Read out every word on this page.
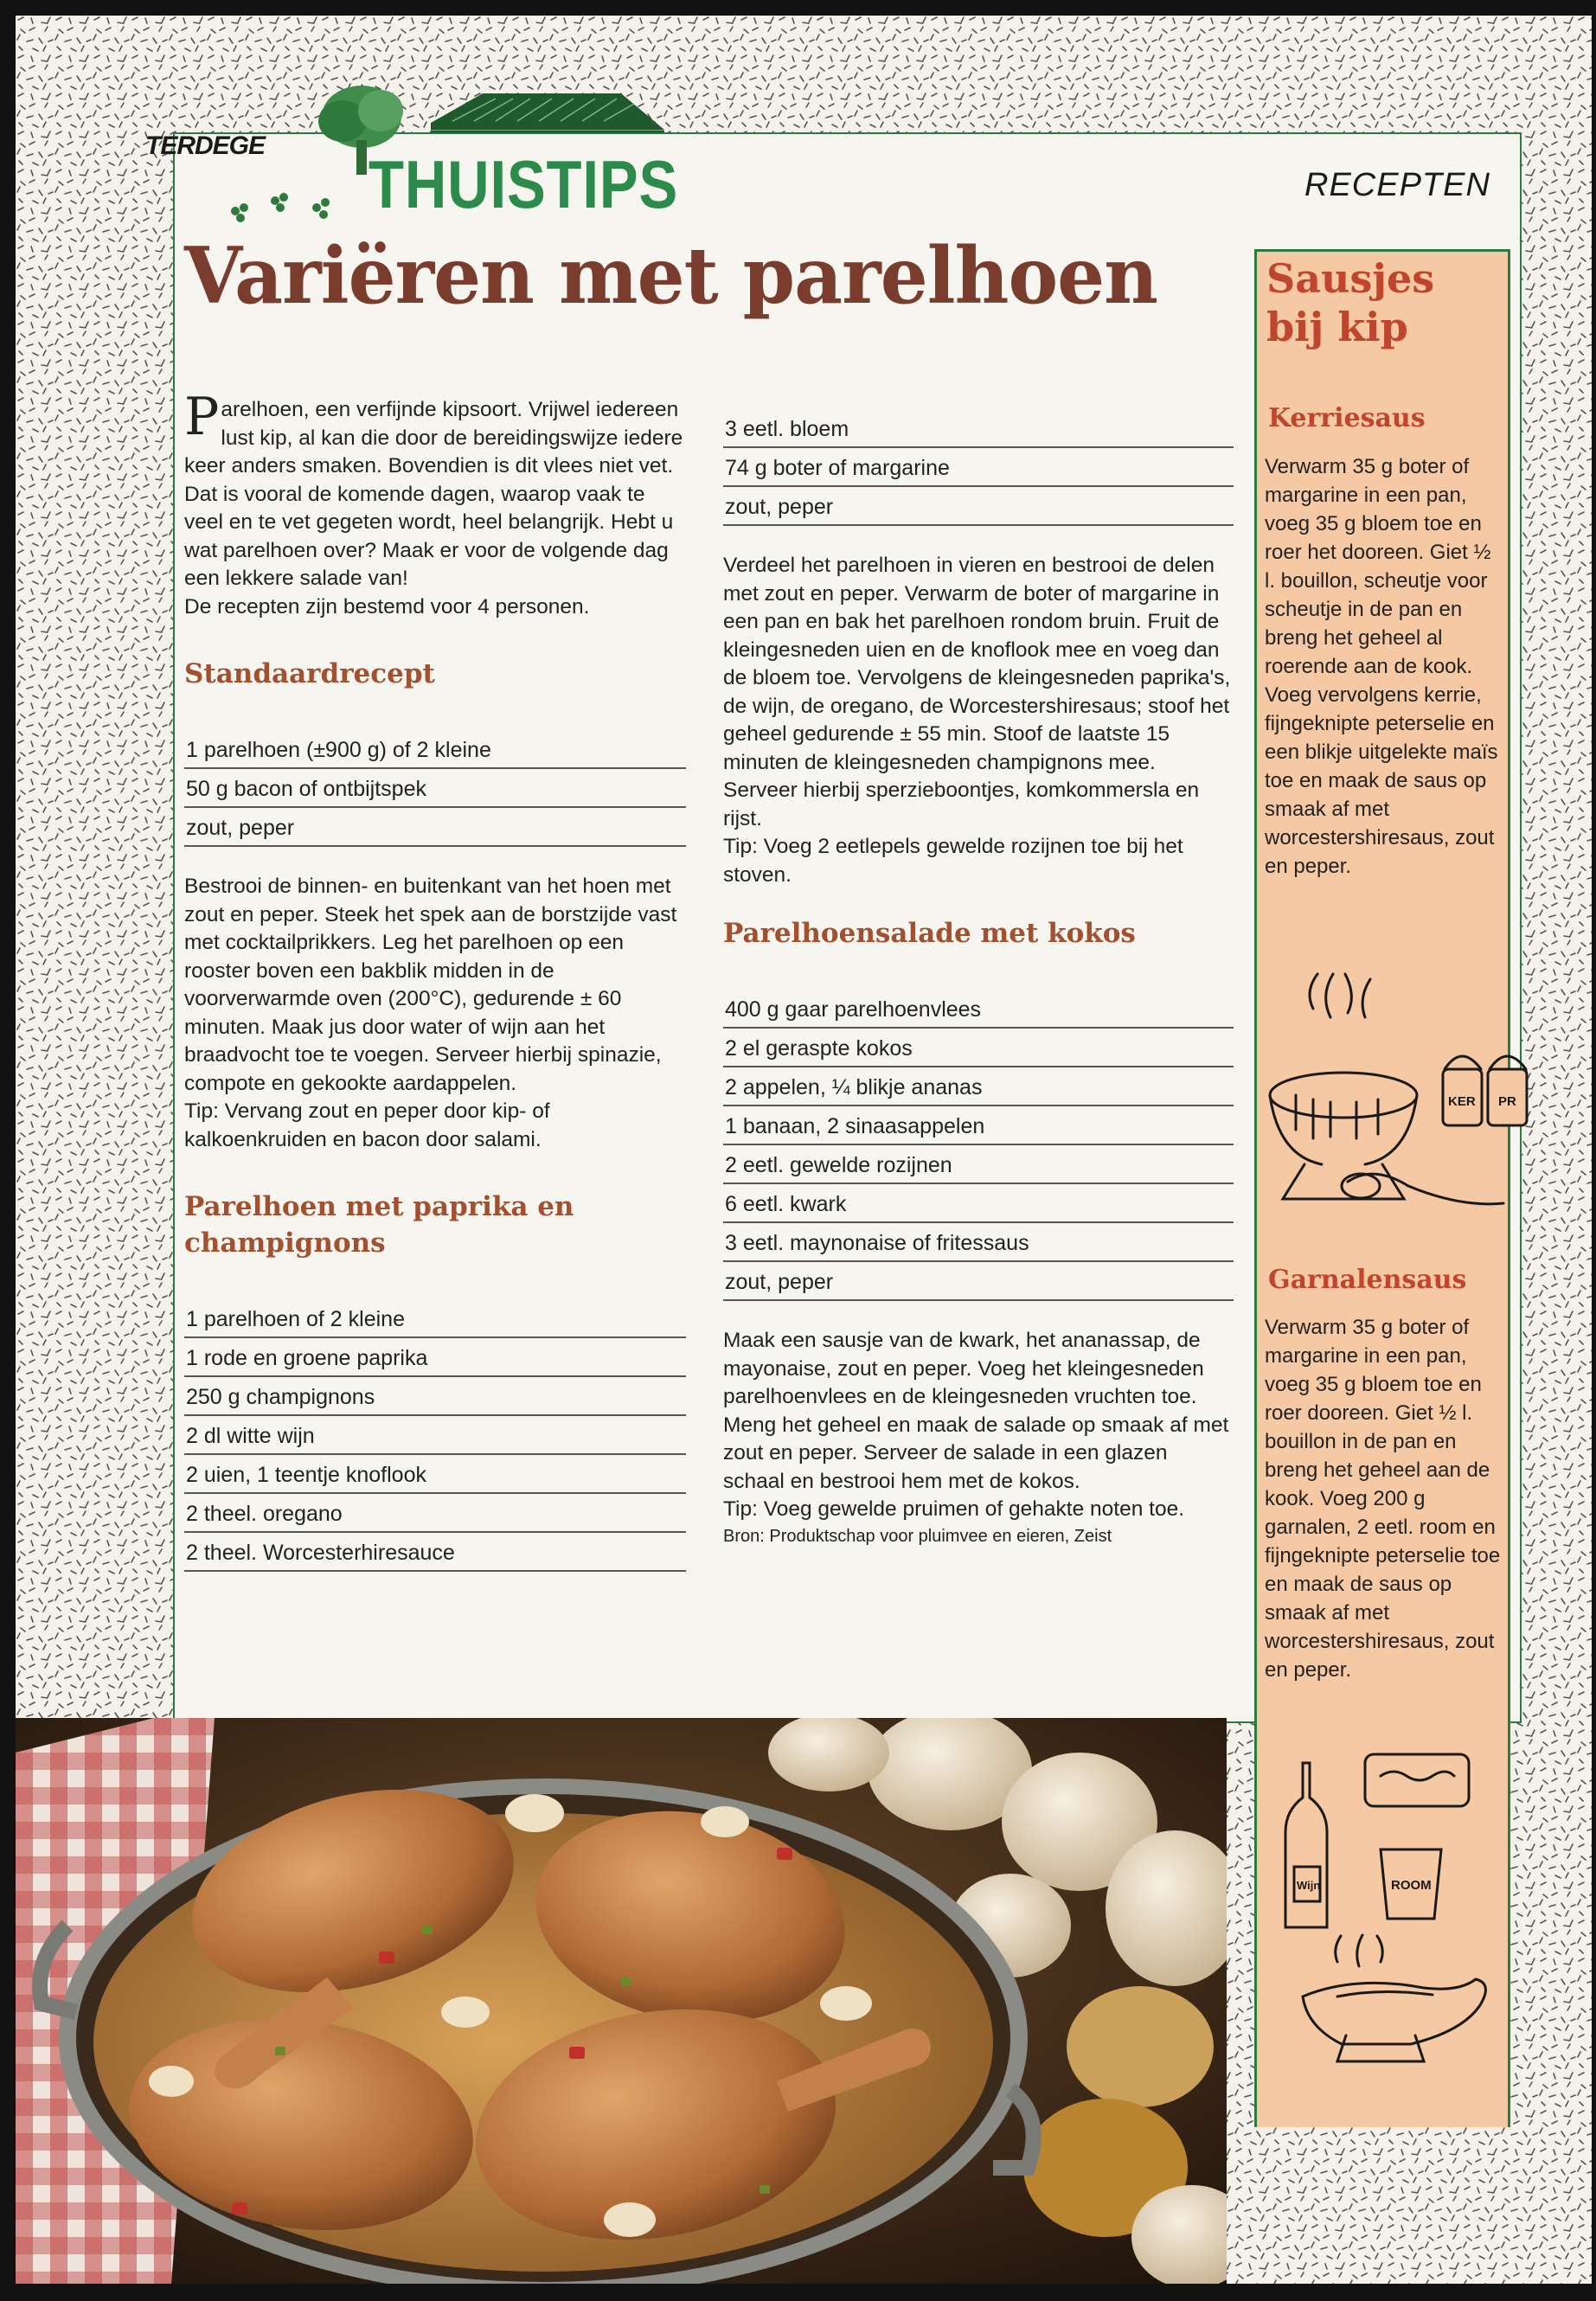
TERDEGE
THUISTIPS	RECEPTEN
Variëren met parelhoen

Parelhoen, een verfijnde kipsoort. Vrijwel iedereen lust kip, al kan die door de bereidingswijze iedere keer anders smaken. Bovendien is dit vlees niet vet. Dat is vooral de komende dagen, waarop vaak te veel en te vet gegeten wordt, heel belangrijk. Hebt u wat parelhoen over? Maak er voor de volgende dag een lekkere salade van!

De recepten zijn bestemd voor 4 personen.

Standaardrecept
1 parelhoen (±900 g) of 2 kleine
50 g bacon of ontbijtspek
zout, peper

Bestrooi de binnen- en buitenkant van het hoen met zout en peper. Steek het spek aan de borstzijde vast met cocktailprikkers. Leg het parelhoen op een rooster boven een bakblik midden in de voorverwarmde oven (200°C), gedurende ± 60 minuten. Maak jus door water of wijn aan het braadvocht toe te voegen. Serveer hierbij spinazie, compote en gekookte aardappelen.

Tip: Vervang zout en peper door kip- of kalkoenkruiden en bacon door salami.

Parelhoen met paprika en champignons
1 parelhoen of 2 kleine
1 rode en groene paprika
250 g champignons
2 dl witte wijn
2 uien, 1 teentje knoflook
2 theel. oregano
2 theel. Worcesterhiresauce
3 eetl. bloem
74 g boter of margarine
zout, peper

Verdeel het parelhoen in vieren en bestrooi de delen met zout en peper. Verwarm de boter of margarine in een pan en bak het parelhoen rondom bruin. Fruit de kleingesneden uien en de knoflook mee en voeg dan de bloem toe. Vervolgens de kleingesneden paprika's, de wijn, de oregano, de Worcestershiresaus; stoof het geheel gedurende ± 55 min. Stoof de laatste 15 minuten de kleingesneden champignons mee. Serveer hierbij sperzieboontjes, komkommersla en rijst.

Tip: Voeg 2 eetlepels gewelde rozijnen toe bij het stoven.

Parelhoensalade met kokos
400 g gaar parelhoenvlees
2 el geraspte kokos
2 appelen, ¼ blikje ananas
1 banaan, 2 sinaasappelen
2 eetl. gewelde rozijnen
6 eetl. kwark
3 eetl. maynonaise of fritessaus
zout, peper

Maak een sausje van de kwark, het ananassap, de mayonaise, zout en peper. Voeg het kleingesneden parelhoenvlees en de kleingesneden vruchten toe. Meng het geheel en maak de salade op smaak af met zout en peper. Serveer de salade in een glazen schaal en bestrooi hem met de kokos.

Tip: Voeg gewelde pruimen of gehakte noten toe.

Bron: Produktschap voor pluimvee en eieren, Zeist

Sausjes
bij kip
Kerriesaus

Verwarm 35 g boter of margarine in een pan, voeg 35 g bloem toe en roer het dooreen. Giet ½ l. bouillon, scheutje voor scheutje in de pan en breng het geheel al roerende aan de kook. Voeg vervolgens kerrie, fijngeknipte peterselie en een blikje uitgelekte maïs toe en maak de saus op smaak af met worcestershiresaus, zout en peper.

KER PR
Garnalensaus

Verwarm 35 g boter of margarine in een pan, voeg 35 g bloem toe en roer dooreen. Giet ½ l. bouillon in de pan en breng het geheel aan de kook. Voeg 200 g garnalen, 2 eetl. room en fijngeknipte peterselie toe en maak de saus op smaak af met worcestershiresaus, zout en peper.

Wijn	ROOM
